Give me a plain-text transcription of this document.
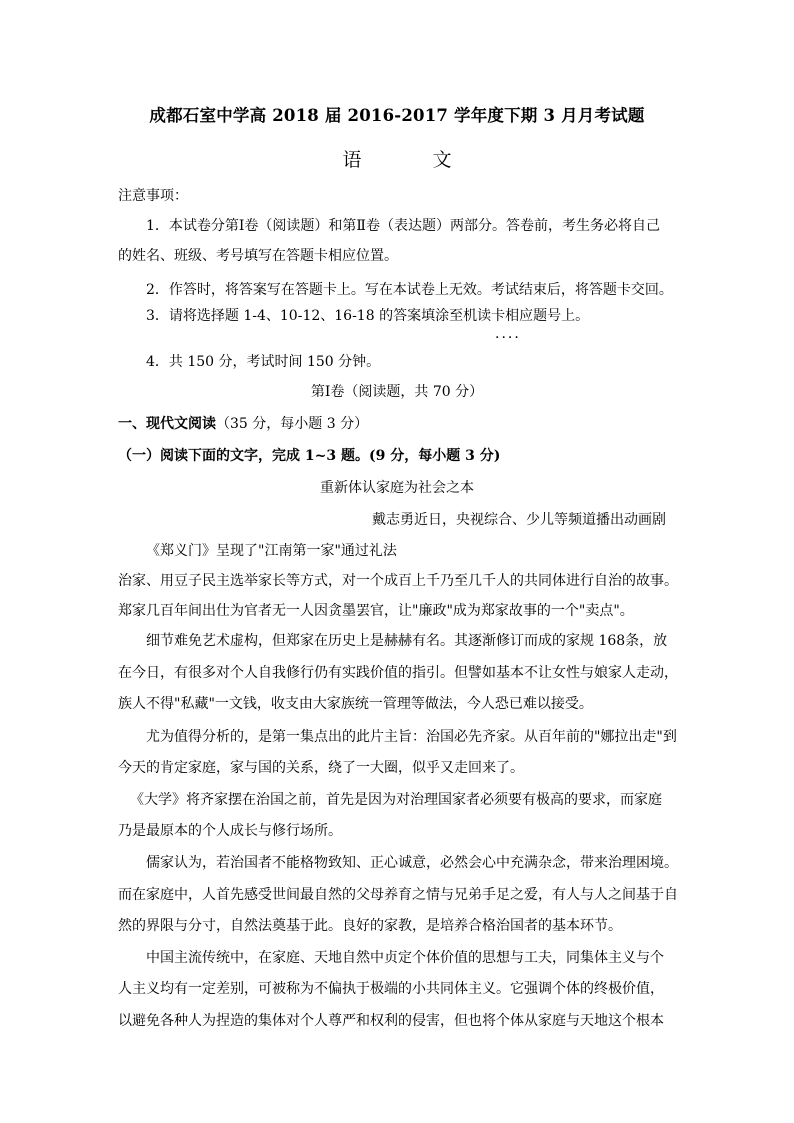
成都石室中学高 2018 届 2016-2017 学年度下期 3 月月考试题
语　文
注意事项：
1．本试卷分第Ⅰ卷（阅读题）和第Ⅱ卷（表达题）两部分。答卷前，考生务必将自己
的姓名、班级、考号填写在答题卡相应位置。
2．作答时，将答案写在答题卡上。写在本试卷上无效。考试结束后，将答题卡交回。
3．请将选择题 1-4、10-12、16-18 的答案填涂至机读卡相应题号上。
····
4．共 150 分，考试时间 150 分钟。
第Ⅰ卷（阅读题，共 70 分）
一、现代文阅读（35 分，每小题 3 分）
（一）阅读下面的文字，完成 1~3 题。(9 分，每小题 3 分)
重新体认家庭为社会之本
戴志勇近日，央视综合、少儿等频道播出动画剧
《郑义门》呈现了"江南第一家"通过礼法
治家、用豆子民主选举家长等方式，对一个成百上千乃至几千人的共同体进行自治的故事。
郑家几百年间出仕为官者无一人因贪墨罢官，让"廉政"成为郑家故事的一个"卖点"。
细节难免艺术虚构，但郑家在历史上是赫赫有名。其逐渐修订而成的家规 168条，放
在今日，有很多对个人自我修行仍有实践价值的指引。但譬如基本不让女性与娘家人走动，
族人不得"私藏"一文钱，收支由大家族统一管理等做法，今人恐已难以接受。
尤为值得分析的，是第一集点出的此片主旨：治国必先齐家。从百年前的"娜拉出走"到
今天的肯定家庭，家与国的关系，绕了一大圈，似乎又走回来了。
《大学》将齐家摆在治国之前，首先是因为对治理国家者必须要有极高的要求，而家庭
乃是最原本的个人成长与修行场所。
儒家认为，若治国者不能格物致知、正心诚意，必然会心中充满杂念，带来治理困境。
而在家庭中，人首先感受世间最自然的父母养育之情与兄弟手足之爱，有人与人之间基于自
然的界限与分寸，自然法奠基于此。良好的家教，是培养合格治国者的基本环节。
中国主流传统中，在家庭、天地自然中贞定个体价值的思想与工夫，同集体主义与个
人主义均有一定差别，可被称为不偏执于极端的小共同体主义。它强调个体的终极价值，
以避免各种人为捏造的集体对个人尊严和权利的侵害，但也将个体从家庭与天地这个根本
